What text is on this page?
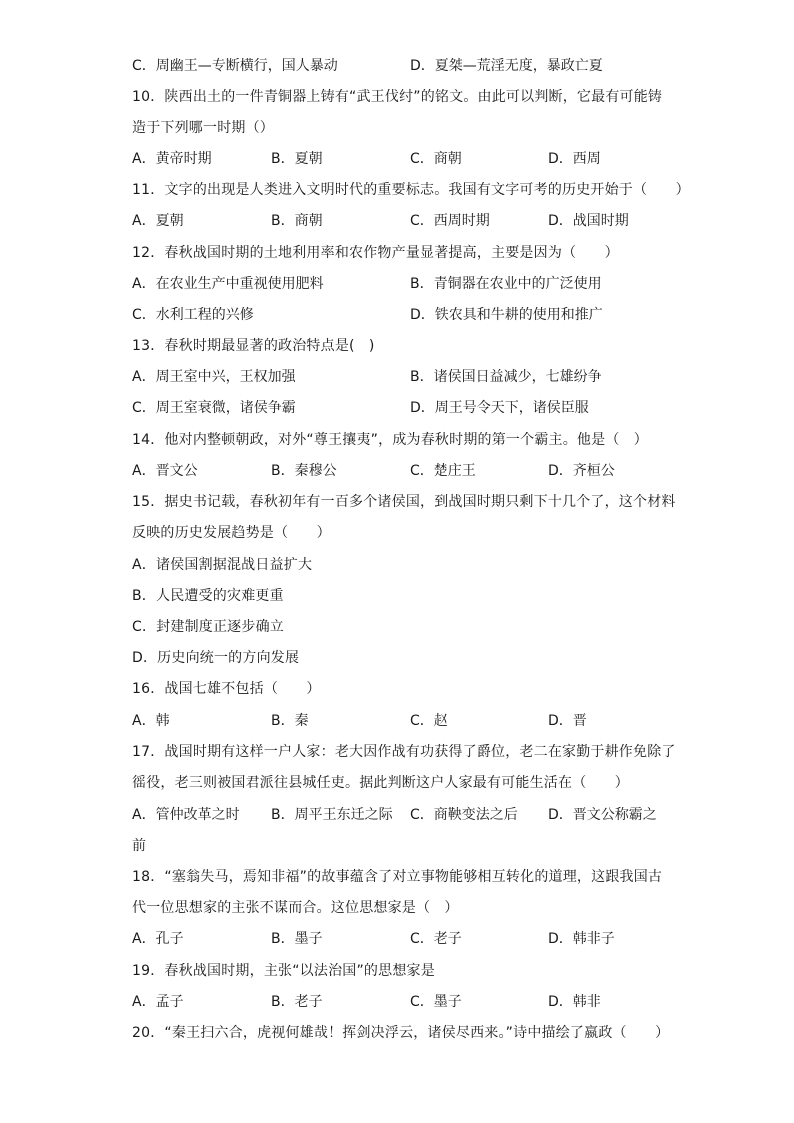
C．周幽王—专断横行，国人暴动	D．夏桀—荒淫无度，暴政亡夏
10．陕西出土的一件青铜器上铸有“武王伐纣”的铭文。由此可以判断，它最有可能铸
造于下列哪一时期（）
A．黄帝时期	B．夏朝	C．商朝	D．西周
11．文字的出现是人类进入文明时代的重要标志。我国有文字可考的历史开始于（　　）
A．夏朝	B．商朝	C．西周时期	D．战国时期
12．春秋战国时期的土地利用率和农作物产量显著提高，主要是因为（　　）
A．在农业生产中重视使用肥料	B．青铜器在农业中的广泛使用
C．水利工程的兴修	D．铁农具和牛耕的使用和推广
13．春秋时期最显著的政治特点是(　)
A．周王室中兴，王权加强	B．诸侯国日益减少，七雄纷争
C．周王室衰微，诸侯争霸	D．周王号令天下，诸侯臣服
14．他对内整顿朝政，对外“尊王攘夷”，成为春秋时期的第一个霸主。他是（　）
A．晋文公	B．秦穆公	C．楚庄王	D．齐桓公
15．据史书记载，春秋初年有一百多个诸侯国，到战国时期只剩下十几个了，这个材料
反映的历史发展趋势是（　　）
A．诸侯国割据混战日益扩大
B．人民遭受的灾难更重
C．封建制度正逐步确立
D．历史向统一的方向发展
16．战国七雄不包括（　　）
A．韩	B．秦	C．赵	D．晋
17．战国时期有这样一户人家：老大因作战有功获得了爵位，老二在家勤于耕作免除了
徭役，老三则被国君派往县城任吏。据此判断这户人家最有可能生活在（　　）
A．管仲改革之时 B．周平王东迁之际 C．商鞅变法之后 D．晋文公称霸之
前
18．“塞翁失马，焉知非福”的故事蕴含了对立事物能够相互转化的道理，这跟我国古
代一位思想家的主张不谋而合。这位思想家是（　）
A．孔子	B．墨子	C．老子	D．韩非子
19．春秋战国时期，主张“以法治国”的思想家是
A．孟子	B．老子	C．墨子	D．韩非
20．“秦王扫六合，虎视何雄哉！挥剑决浮云，诸侯尽西来。”诗中描绘了嬴政（　　）
